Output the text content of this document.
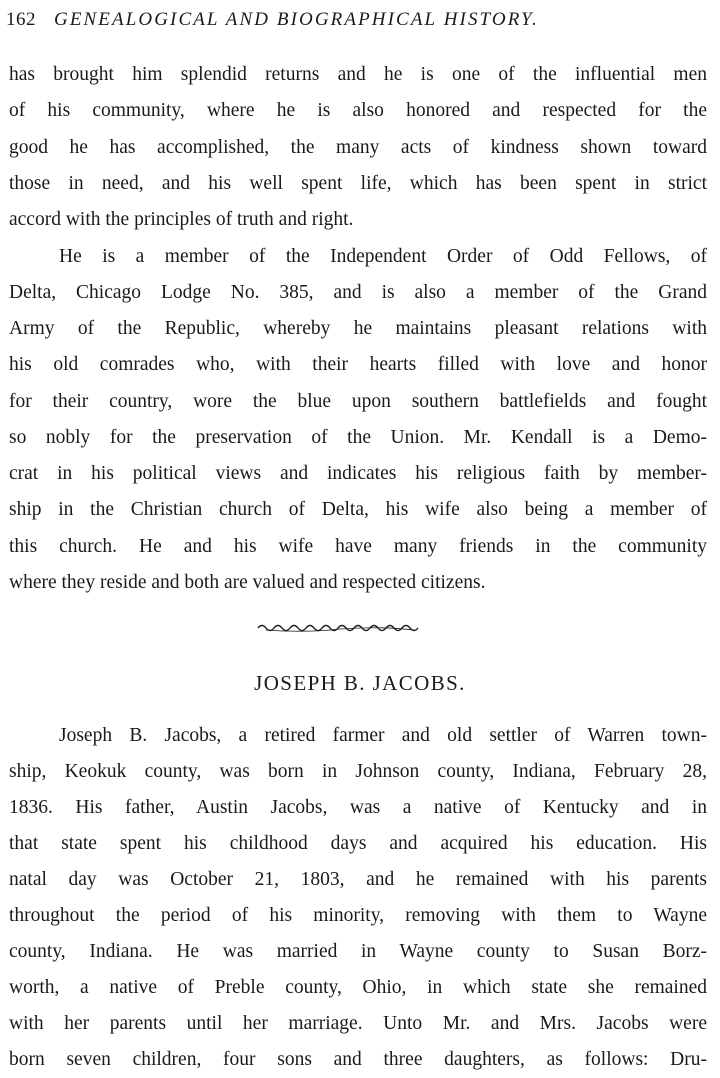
162 GENEALOGICAL AND BIOGRAPHICAL HISTORY.
has brought him splendid returns and he is one of the influential men
of his community, where he is also honored and respected for the
good he has accomplished, the many acts of kindness shown toward
those in need, and his well spent life, which has been spent in strict
accord with the principles of truth and right.
He is a member of the Independent Order of Odd Fellows, of
Delta, Chicago Lodge No. 385, and is also a member of the Grand
Army of the Republic, whereby he maintains pleasant relations with
his old comrades who, with their hearts filled with love and honor
for their country, wore the blue upon southern battlefields and fought
so nobly for the preservation of the Union. Mr. Kendall is a Demo-
crat in his political views and indicates his religious faith by member-
ship in the Christian church of Delta, his wife also being a member of
this church. He and his wife have many friends in the community
where they reside and both are valued and respected citizens.
JOSEPH B. JACOBS.
Joseph B. Jacobs, a retired farmer and old settler of Warren town-
ship, Keokuk county, was born in Johnson county, Indiana, February 28,
1836. His father, Austin Jacobs, was a native of Kentucky and in
that state spent his childhood days and acquired his education. His
natal day was October 21, 1803, and he remained with his parents
throughout the period of his minority, removing with them to Wayne
county, Indiana. He was married in Wayne county to Susan Borz-
worth, a native of Preble county, Ohio, in which state she remained
with her parents until her marriage. Unto Mr. and Mrs. Jacobs were
born seven children, four sons and three daughters, as follows: Dru-
